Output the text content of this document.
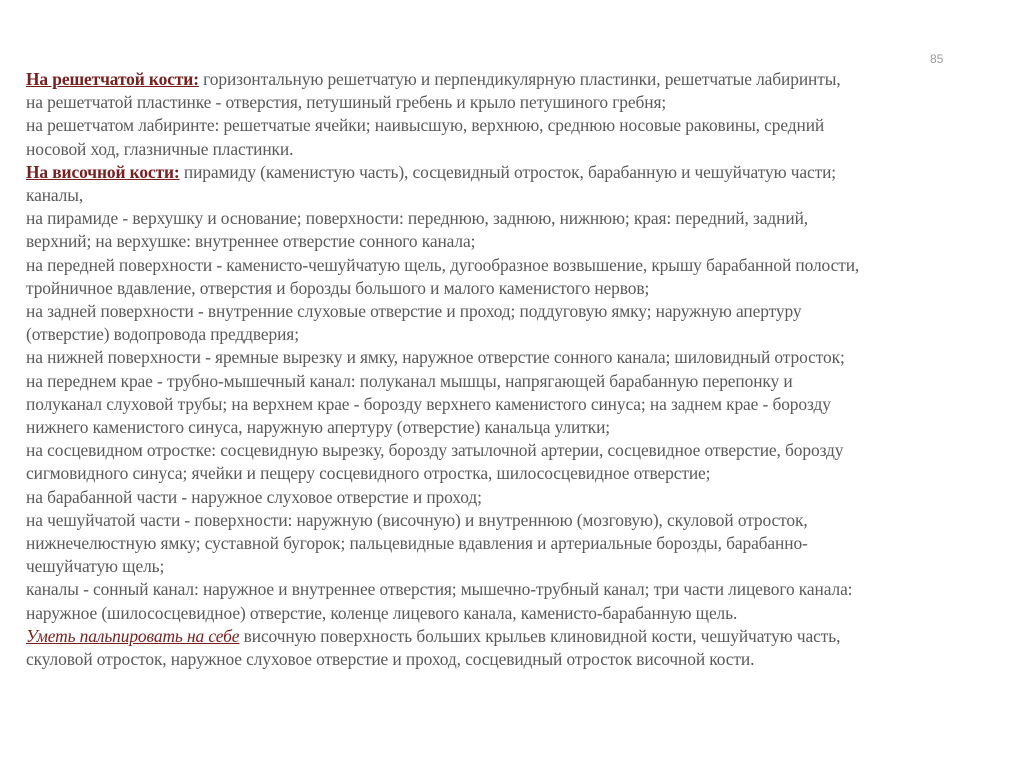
85
На решетчатой кости: горизонтальную решетчатую и перпендикулярную пластинки, решетчатые лабиринты,
на решетчатой пластинке - отверстия, петушиный гребень и крыло петушиного гребня;
на решетчатом лабиринте: решетчатые ячейки; наивысшую, верхнюю, среднюю носовые раковины, средний
носовой ход, глазничные пластинки.
На височной кости: пирамиду (каменистую часть), сосцевидный отросток, барабанную и чешуйчатую части;
каналы,
на пирамиде - верхушку и основание; поверхности: переднюю, заднюю, нижнюю; края: передний, задний,
верхний; на верхушке: внутреннее отверстие сонного канала;
на передней поверхности - каменисто-чешуйчатую щель, дугообразное возвышение, крышу барабанной полости,
тройничное вдавление, отверстия и борозды большого и малого каменистого нервов;
на задней поверхности - внутренние слуховые отверстие и проход; поддуговую ямку; наружную апертуру
(отверстие) водопровода преддверия;
на нижней поверхности - яремные вырезку и ямку, наружное отверстие сонного канала; шиловидный отросток;
на переднем крае - трубно-мышечный канал: полуканал мышцы, напрягающей барабанную перепонку и
полуканал слуховой трубы; на верхнем крае - борозду верхнего каменистого синуса; на заднем крае - борозду
нижнего каменистого синуса, наружную апертуру (отверстие) канальца улитки;
на сосцевидном отростке: сосцевидную вырезку, борозду затылочной артерии, сосцевидное отверстие, борозду
сигмовидного синуса; ячейки и пещеру сосцевидного отростка, шилососцевидное отверстие;
на барабанной части - наружное слуховое отверстие и проход;
на чешуйчатой части - поверхности: наружную (височную) и внутреннюю (мозговую), скуловой отросток,
нижнечелюстную ямку; суставной бугорок; пальцевидные вдавления и артериальные борозды, барабанно-
чешуйчатую щель;
каналы - сонный канал: наружное и внутреннее отверстия; мышечно-трубный канал; три части лицевого канала:
наружное (шилососцевидное) отверстие, коленце лицевого канала, каменисто-барабанную щель.
Уметь пальпировать на себе височную поверхность больших крыльев клиновидной кости, чешуйчатую часть,
скуловой отросток, наружное слуховое отверстие и проход, сосцевидный отросток височной кости.
